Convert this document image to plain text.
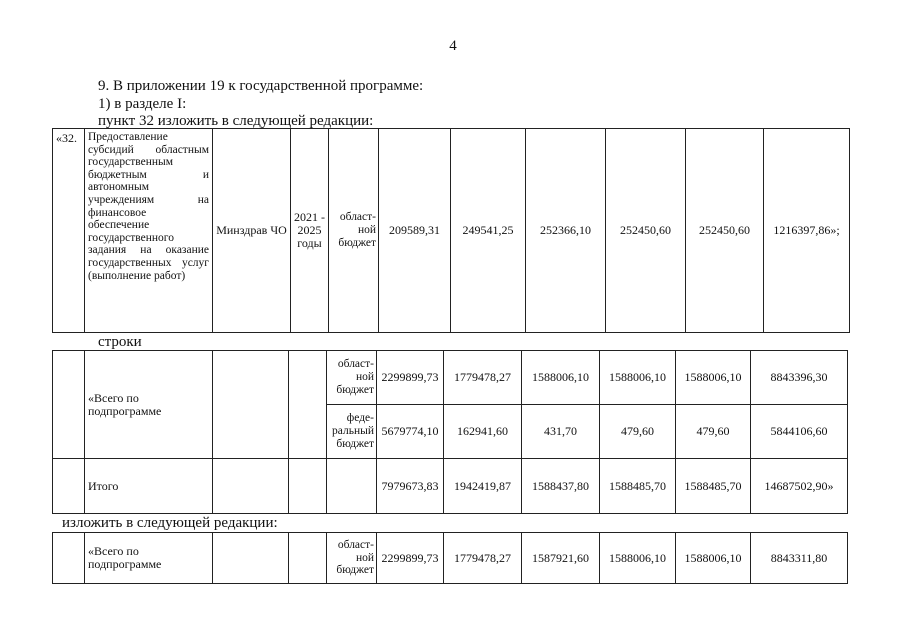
4
9. В приложении 19 к государственной программе:
1) в разделе I:
пункт 32 изложить в следующей редакции:
«32.	Предоставление субсидий областным государственным бюджетным и автономным учреждениям на финансовое обеспечение государственного задания на оказание государственных услуг (выполнение работ)	Минздрав ЧО	2021 - 2025 годы	област-ной бюджет	209589,31	249541,25	252366,10	252450,60	252450,60	1216397,86»;
строки
	«Всего по подпрограмме			област-ной бюджет	2299899,73	1779478,27	1588006,10	1588006,10	1588006,10	8843396,30
				феде-ральный бюджет	5679774,10	162941,60	431,70	479,60	479,60	5844106,60
	Итого				7979673,83	1942419,87	1588437,80	1588485,70	1588485,70	14687502,90»
изложить в следующей редакции:
	«Всего по подпрограмме			област-ной бюджет	2299899,73	1779478,27	1587921,60	1588006,10	1588006,10	8843311,80
